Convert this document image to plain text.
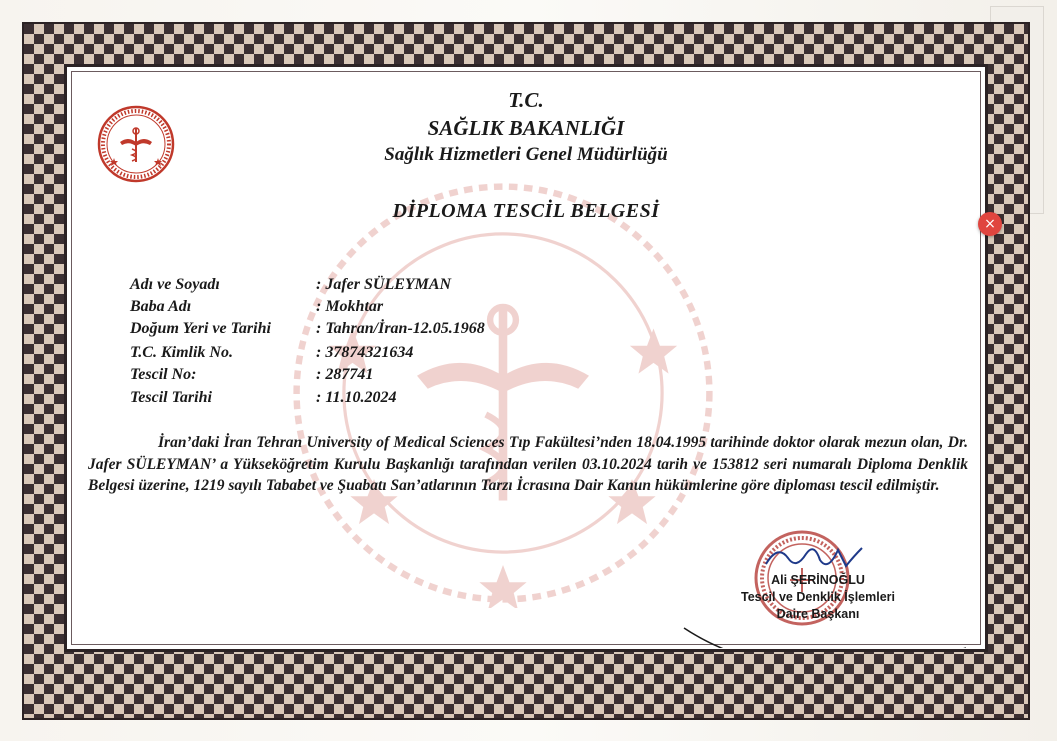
T.C.
SAĞLIK BAKANLIĞI
Sağlık Hizmetleri Genel Müdürlüğü
DİPLOMA TESCİL BELGESİ
Adı ve Soyadı	: Jafer SÜLEYMAN
Baba Adı	: Mokhtar
Doğum Yeri ve Tarihi	: Tahran/İran-12.05.1968
T.C. Kimlik No.	: 37874321634
Tescil No:	: 287741
Tescil Tarihi	: 11.10.2024
İran’daki İran Tehran University of Medical Sciences Tıp Fakültesi’nden 18.04.1995 tarihinde doktor olarak mezun olan, Dr. Jafer SÜLEYMAN’ a Yükseköğretim Kurulu Başkanlığı tarafından verilen 03.10.2024 tarih ve 153812 seri numaralı Diploma Denklik Belgesi üzerine, 1219 sayılı Tababet ve Şuabatı San’atlarının Tarzı İcrasına Dair Kanun hükümlerine göre diploması tescil edilmiştir.
Ali ŞERİNOĞLU
Tescil ve Denklik İşlemleri
Daire Başkanı
×
